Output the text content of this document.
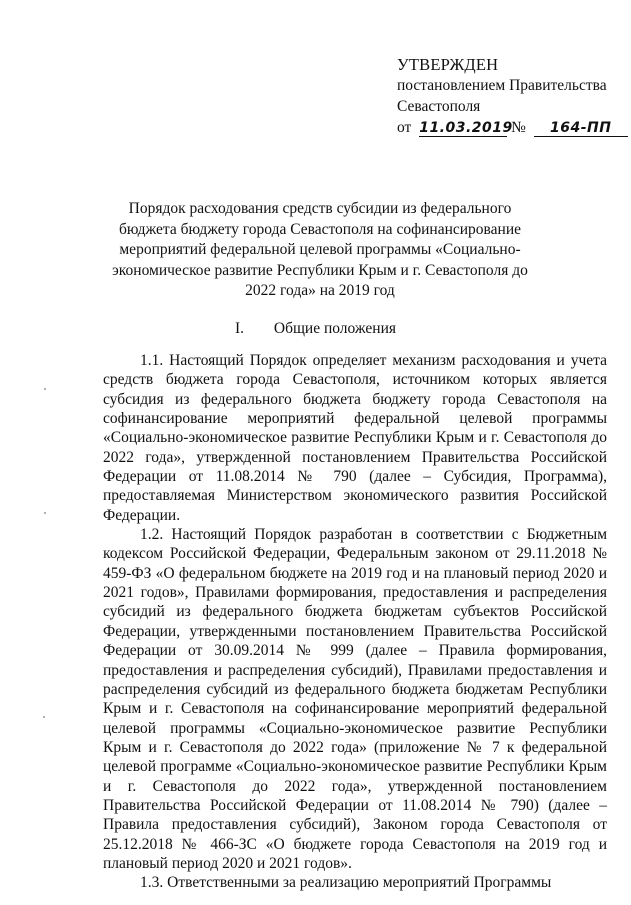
УТВЕРЖДЕН
постановлением Правительства
Севастополя
от 11.03.2019 № 164-ПП
Порядок расходования средств субсидии из федерального бюджета бюджету города Севастополя на софинансирование мероприятий федеральной целевой программы «Социально-экономическое развитие Республики Крым и г. Севастополя до 2022 года» на 2019 год
I. Общие положения

1.1. Настоящий Порядок определяет механизм расходования и учета средств бюджета города Севастополя, источником которых является субсидия из федерального бюджета бюджету города Севастополя на софинансирование мероприятий федеральной целевой программы «Социально-экономическое развитие Республики Крым и г. Севастополя до 2022 года», утвержденной постановлением Правительства Российской Федерации от 11.08.2014 № 790 (далее – Субсидия, Программа), предоставляемая Министерством экономического развития Российской Федерации.

1.2. Настоящий Порядок разработан в соответствии с Бюджетным кодексом Российской Федерации, Федеральным законом от 29.11.2018 № 459-ФЗ «О федеральном бюджете на 2019 год и на плановый период 2020 и 2021 годов», Правилами формирования, предоставления и распределения субсидий из федерального бюджета бюджетам субъектов Российской Федерации, утвержденными постановлением Правительства Российской Федерации от 30.09.2014 № 999 (далее – Правила формирования, предоставления и распределения субсидий), Правилами предоставления и распределения субсидий из федерального бюджета бюджетам Республики Крым и г. Севастополя на софинансирование мероприятий федеральной целевой программы «Социально-экономическое развитие Республики Крым и г. Севастополя до 2022 года» (приложение № 7 к федеральной целевой программе «Социально-экономическое развитие Республики Крым и г. Севастополя до 2022 года», утвержденной постановлением Правительства Российской Федерации от 11.08.2014 № 790) (далее – Правила предоставления субсидий), Законом города Севастополя от 25.12.2018 № 466-ЗС «О бюджете города Севастополя на 2019 год и плановый период 2020 и 2021 годов».

1.3. Ответственными за реализацию мероприятий Программы
